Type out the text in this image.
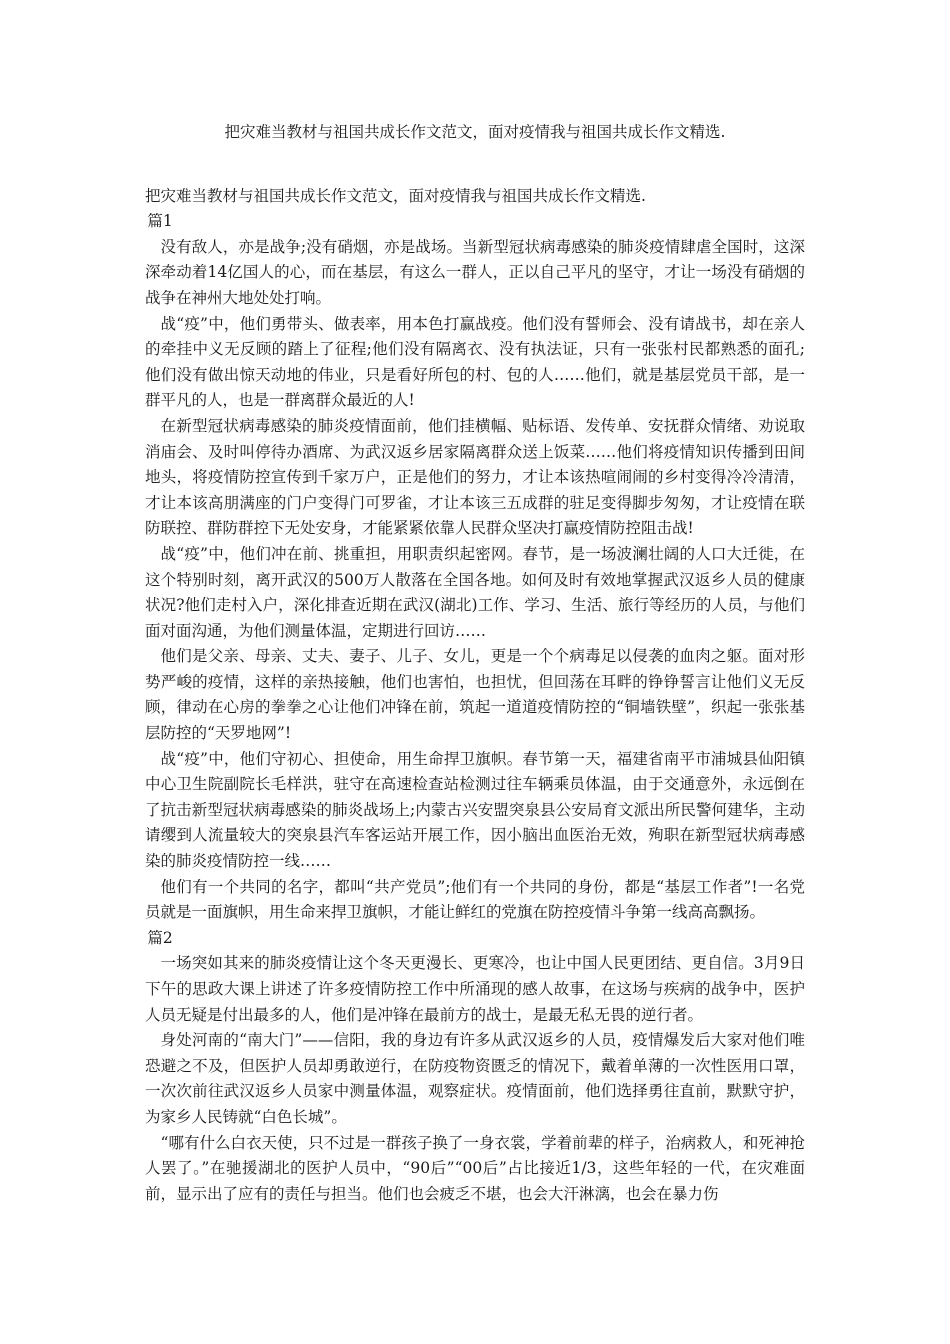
把灾难当教材与祖国共成长作文范文，面对疫情我与祖国共成长作文精选.

把灾难当教材与祖国共成长作文范文，面对疫情我与祖国共成长作文精选.

篇1

没有敌人，亦是战争;没有硝烟，亦是战场。当新型冠状病毒感染的肺炎疫情肆虐全国时，这深深牵动着14亿国人的心，而在基层，有这么一群人，正以自己平凡的坚守，才让一场没有硝烟的战争在神州大地处处打响。

战“疫”中，他们勇带头、做表率，用本色打赢战疫。他们没有誓师会、没有请战书，却在亲人的牵挂中义无反顾的踏上了征程;他们没有隔离衣、没有执法证，只有一张张村民都熟悉的面孔;他们没有做出惊天动地的伟业，只是看好所包的村、包的人……他们，就是基层党员干部，是一群平凡的人，也是一群离群众最近的人!

在新型冠状病毒感染的肺炎疫情面前，他们挂横幅、贴标语、发传单、安抚群众情绪、劝说取消庙会、及时叫停待办酒席、为武汉返乡居家隔离群众送上饭菜……他们将疫情知识传播到田间地头，将疫情防控宣传到千家万户，正是他们的努力，才让本该热喧闹闹的乡村变得冷冷清清，才让本该高朋满座的门户变得门可罗雀，才让本该三五成群的驻足变得脚步匆匆，才让疫情在联防联控、群防群控下无处安身，才能紧紧依靠人民群众坚决打赢疫情防控阻击战!

战“疫”中，他们冲在前、挑重担，用职责织起密网。春节，是一场波澜壮阔的人口大迁徙，在这个特别时刻，离开武汉的500万人散落在全国各地。如何及时有效地掌握武汉返乡人员的健康状况?他们走村入户，深化排查近期在武汉(湖北)工作、学习、生活、旅行等经历的人员，与他们面对面沟通，为他们测量体温，定期进行回访……

他们是父亲、母亲、丈夫、妻子、儿子、女儿，更是一个个病毒足以侵袭的血肉之躯。面对形势严峻的疫情，这样的亲热接触，他们也害怕，也担忧，但回荡在耳畔的铮铮誓言让他们义无反顾，律动在心房的拳拳之心让他们冲锋在前，筑起一道道疫情防控的“铜墙铁壁”，织起一张张基层防控的“天罗地网”!

战“疫”中，他们守初心、担使命，用生命捍卫旗帜。春节第一天，福建省南平市浦城县仙阳镇中心卫生院副院长毛样洪，驻守在高速检查站检测过往车辆乘员体温，由于交通意外，永远倒在了抗击新型冠状病毒感染的肺炎战场上;内蒙古兴安盟突泉县公安局育文派出所民警何建华，主动请缨到人流量较大的突泉县汽车客运站开展工作，因小脑出血医治无效，殉职在新型冠状病毒感染的肺炎疫情防控一线……

他们有一个共同的名字，都叫“共产党员”;他们有一个共同的身份，都是“基层工作者”!一名党员就是一面旗帜，用生命来捍卫旗帜，才能让鲜红的党旗在防控疫情斗争第一线高高飘扬。

篇2

一场突如其来的肺炎疫情让这个冬天更漫长、更寒冷，也让中国人民更团结、更自信。3月9日下午的思政大课上讲述了许多疫情防控工作中所涌现的感人故事，在这场与疾病的战争中，医护人员无疑是付出最多的人，他们是冲锋在最前方的战士，是最无私无畏的逆行者。

身处河南的“南大门”——信阳，我的身边有许多从武汉返乡的人员，疫情爆发后大家对他们唯恐避之不及，但医护人员却勇敢逆行，在防疫物资匮乏的情况下，戴着单薄的一次性医用口罩，一次次前往武汉返乡人员家中测量体温，观察症状。疫情面前，他们选择勇往直前，默默守护，为家乡人民铸就“白色长城”。

“哪有什么白衣天使，只不过是一群孩子换了一身衣裳，学着前辈的样子，治病救人，和死神抢人罢了。”在驰援湖北的医护人员中，“90后”“00后”占比接近1/3，这些年轻的一代，在灾难面前，显示出了应有的责任与担当。他们也会疲乏不堪，也会大汗淋漓，也会在暴力伤
